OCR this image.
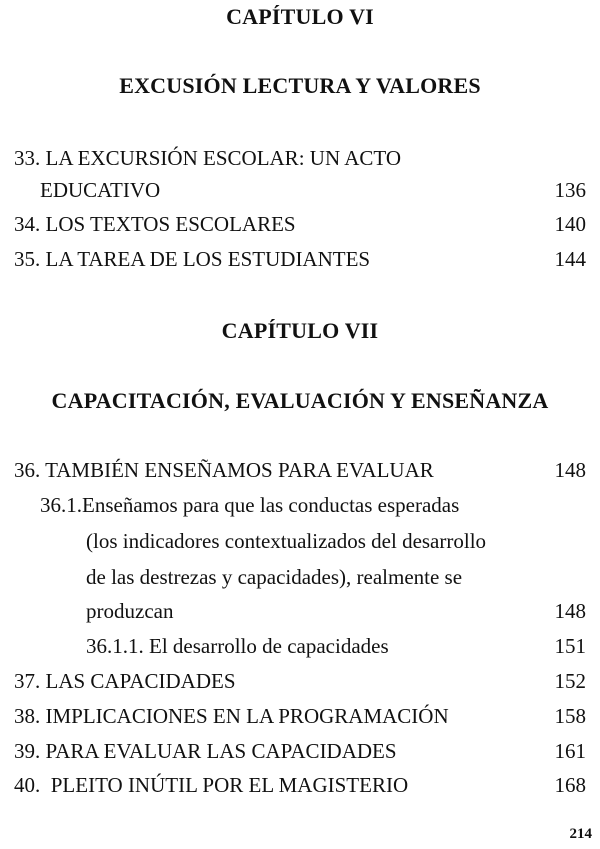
CAPÍTULO VI
EXCUSIÓN LECTURA Y VALORES
33. LA EXCURSIÓN ESCOLAR: UN ACTO
EDUCATIVO	136
34. LOS TEXTOS ESCOLARES	140
35. LA TAREA DE LOS ESTUDIANTES	144
CAPÍTULO VII
CAPACITACIÓN, EVALUACIÓN Y ENSEÑANZA
36. TAMBIÉN ENSEÑAMOS PARA EVALUAR	148
36.1.Enseñamos para que las conductas esperadas
(los indicadores contextualizados del desarrollo
de las destrezas y capacidades), realmente se
produzcan	148
36.1.1. El desarrollo de capacidades	151
37. LAS CAPACIDADES	152
38. IMPLICACIONES EN LA PROGRAMACIÓN	158
39. PARA EVALUAR LAS CAPACIDADES	161
40.  PLEITO INÚTIL POR EL MAGISTERIO	168
214
